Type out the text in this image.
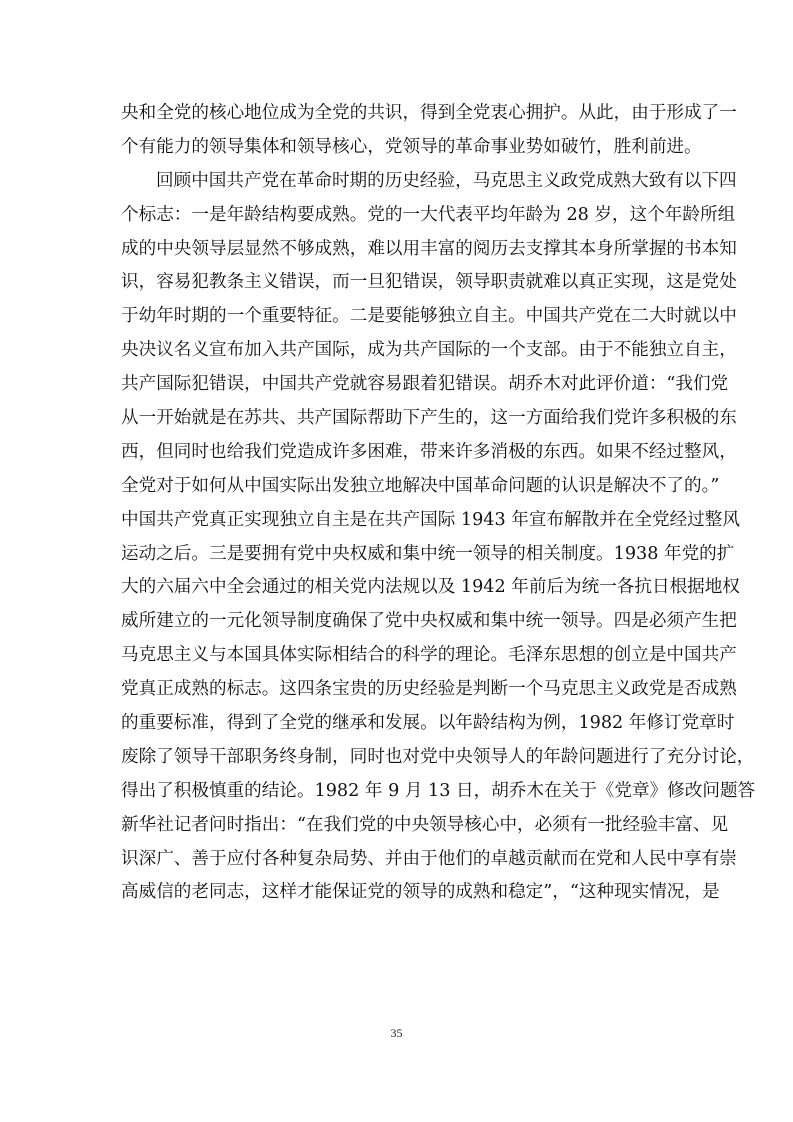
央和全党的核心地位成为全党的共识，得到全党衷心拥护。从此，由于形成了一
个有能力的领导集体和领导核心，党领导的革命事业势如破竹，胜利前进。
回顾中国共产党在革命时期的历史经验，马克思主义政党成熟大致有以下四
个标志：一是年龄结构要成熟。党的一大代表平均年龄为 28 岁，这个年龄所组
成的中央领导层显然不够成熟，难以用丰富的阅历去支撑其本身所掌握的书本知
识，容易犯教条主义错误，而一旦犯错误，领导职责就难以真正实现，这是党处
于幼年时期的一个重要特征。二是要能够独立自主。中国共产党在二大时就以中
央决议名义宣布加入共产国际，成为共产国际的一个支部。由于不能独立自主，
共产国际犯错误，中国共产党就容易跟着犯错误。胡乔木对此评价道：“我们党
从一开始就是在苏共、共产国际帮助下产生的，这一方面给我们党许多积极的东
西，但同时也给我们党造成许多困难，带来许多消极的东西。如果不经过整风，
全党对于如何从中国实际出发独立地解决中国革命问题的认识是解决不了的。”
中国共产党真正实现独立自主是在共产国际 1943 年宣布解散并在全党经过整风
运动之后。三是要拥有党中央权威和集中统一领导的相关制度。1938 年党的扩
大的六届六中全会通过的相关党内法规以及 1942 年前后为统一各抗日根据地权
威所建立的一元化领导制度确保了党中央权威和集中统一领导。四是必须产生把
马克思主义与本国具体实际相结合的科学的理论。毛泽东思想的创立是中国共产
党真正成熟的标志。这四条宝贵的历史经验是判断一个马克思主义政党是否成熟
的重要标准，得到了全党的继承和发展。以年龄结构为例，1982 年修订党章时
废除了领导干部职务终身制，同时也对党中央领导人的年龄问题进行了充分讨论，
得出了积极慎重的结论。1982 年 9 月 13 日，胡乔木在关于《党章》修改问题答
新华社记者问时指出：“在我们党的中央领导核心中，必须有一批经验丰富、见
识深广、善于应付各种复杂局势、并由于他们的卓越贡献而在党和人民中享有崇
高威信的老同志，这样才能保证党的领导的成熟和稳定”，“这种现实情况，是
35
